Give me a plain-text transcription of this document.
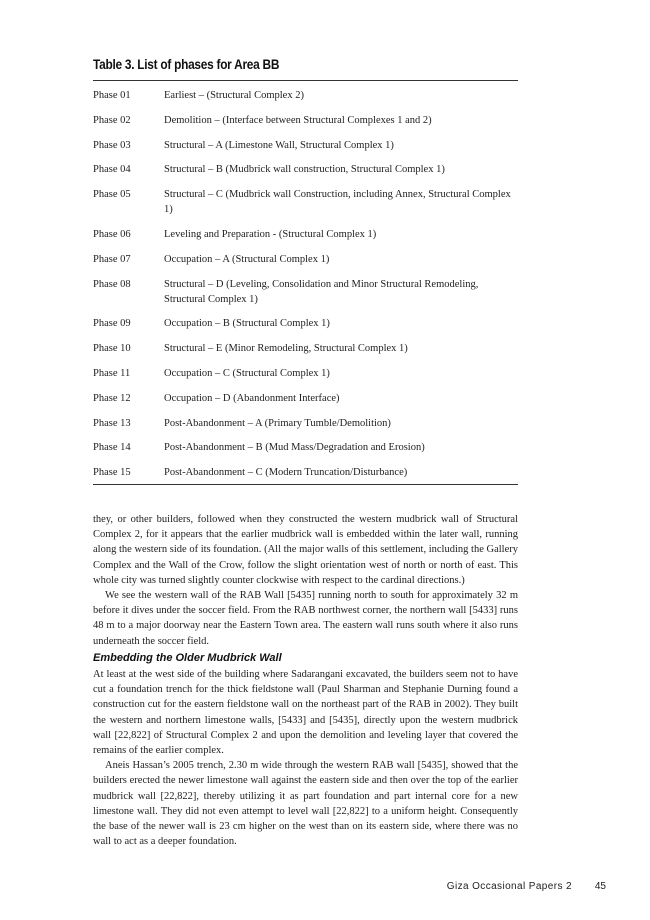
Table 3. List of phases for Area BB
Phase 01	Earliest – (Structural Complex 2)
Phase 02	Demolition – (Interface between Structural Complexes 1 and 2)
Phase 03	Structural – A (Limestone Wall, Structural Complex 1)
Phase 04	Structural – B (Mudbrick wall construction, Structural Complex 1)
Phase 05	Structural – C (Mudbrick wall Construction, including Annex, Structural Complex 1)
Phase 06	Leveling and Preparation - (Structural Complex 1)
Phase 07	Occupation – A (Structural Complex 1)
Phase 08	Structural – D (Leveling, Consolidation and Minor Structural Remodeling, Structural Complex 1)
Phase 09	Occupation – B (Structural Complex 1)
Phase 10	Structural – E (Minor Remodeling, Structural Complex 1)
Phase 11	Occupation – C (Structural Complex 1)
Phase 12	Occupation – D (Abandonment Interface)
Phase 13	Post-Abandonment – A (Primary Tumble/Demolition)
Phase 14	Post-Abandonment – B (Mud Mass/Degradation and Erosion)
Phase 15	Post-Abandonment – C (Modern Truncation/Disturbance)

they, or other builders, followed when they constructed the western mudbrick wall of Structural Complex 2, for it appears that the earlier mudbrick wall is embedded within the later wall, running along the western side of its foundation. (All the major walls of this settlement, including the Gallery Complex and the Wall of the Crow, follow the slight orientation west of north or north of east. This whole city was turned slightly counter clockwise with respect to the cardinal directions.)

We see the western wall of the RAB Wall [5435] running north to south for approximately 32 m before it dives under the soccer field. From the RAB northwest corner, the northern wall [5433] runs 48 m to a major doorway near the Eastern Town area. The eastern wall runs south where it also runs underneath the soccer field.

Embedding the Older Mudbrick Wall

At least at the west side of the building where Sadarangani excavated, the builders seem not to have cut a foundation trench for the thick fieldstone wall (Paul Sharman and Stephanie Durning found a construction cut for the eastern fieldstone wall on the northeast part of the RAB in 2002). They built the western and northern limestone walls, [5433] and [5435], directly upon the western mudbrick wall [22,822] of Structural Complex 2 and upon the demolition and leveling layer that covered the remains of the earlier complex.

Aneis Hassan’s 2005 trench, 2.30 m wide through the western RAB wall [5435], showed that the builders erected the newer limestone wall against the eastern side and then over the top of the earlier mudbrick wall [22,822], thereby utilizing it as part foundation and part internal core for a new limestone wall. They did not even attempt to level wall [22,822] to a uniform height. Consequently the base of the newer wall is 23 cm higher on the west than on its eastern side, where there was no wall to act as a deeper foundation.

Giza Occasional Papers 2 45
